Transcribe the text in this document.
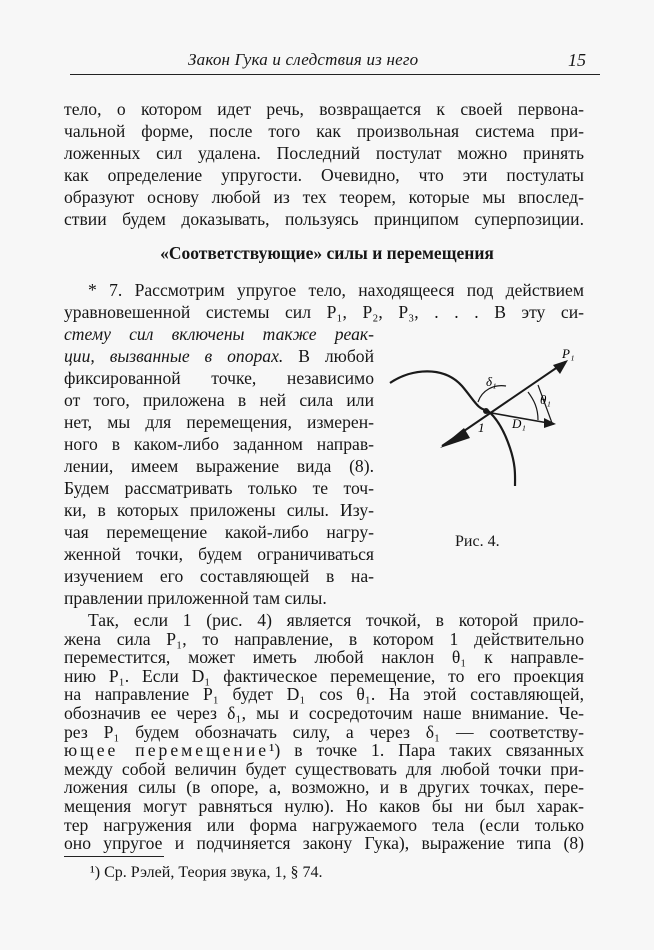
Закон Гука и следствия из него	15
тело, о котором идет речь, возвращается к своей первона-
чальной форме, после того как произвольная система при-
ложенных сил удалена. Последний постулат можно принять
как определение упругости. Очевидно, что эти постулаты
образуют основу любой из тех теорем, которые мы впослед-
ствии будем доказывать, пользуясь принципом суперпозиции.
«Соответствующие» силы и перемещения
* 7. Рассмотрим упругое тело, находящееся под действием
уравновешенной системы сил P₁, P₂, P₃, . . . В эту си-
стему сил включены также реак-
ции, вызванные в опорах. В любой
фиксированной точке, независимо
от того, приложена в ней сила или
нет, мы для перемещения, измерен-
ного в каком-либо заданном направ-
лении, имеем выражение вида (8).
Будем рассматривать только те точ-
ки, в которых приложены силы. Изу-
чая перемещение какой-либо нагру-
женной точки, будем ограничиваться
изучением его составляющей в на-
правлении приложенной там силы.
P₁
δ₁
θ₁
D₁
1
Рис. 4.
Так, если 1 (рис. 4) является точкой, в которой прило-
жена сила P₁, то направление, в котором 1 действительно
переместится, может иметь любой наклон θ₁ к направле-
нию P₁. Если D₁ фактическое перемещение, то его проекция
на направление P₁ будет D₁ cos θ₁. На этой составляющей,
обозначив ее через δ₁, мы и сосредоточим наше внимание. Че-
рез P₁ будем обозначать силу, а через δ₁ — соответству-
ющее перемещение¹) в точке 1. Пара таких связанных
между собой величин будет существовать для любой точки при-
ложения силы (в опоре, а, возможно, и в других точках, пере-
мещения могут равняться нулю). Но каков бы ни был харак-
тер нагружения или форма нагружаемого тела (если только
оно упругое и подчиняется закону Гука), выражение типа (8)
¹) Ср. Рэлей, Теория звука, 1, § 74.
